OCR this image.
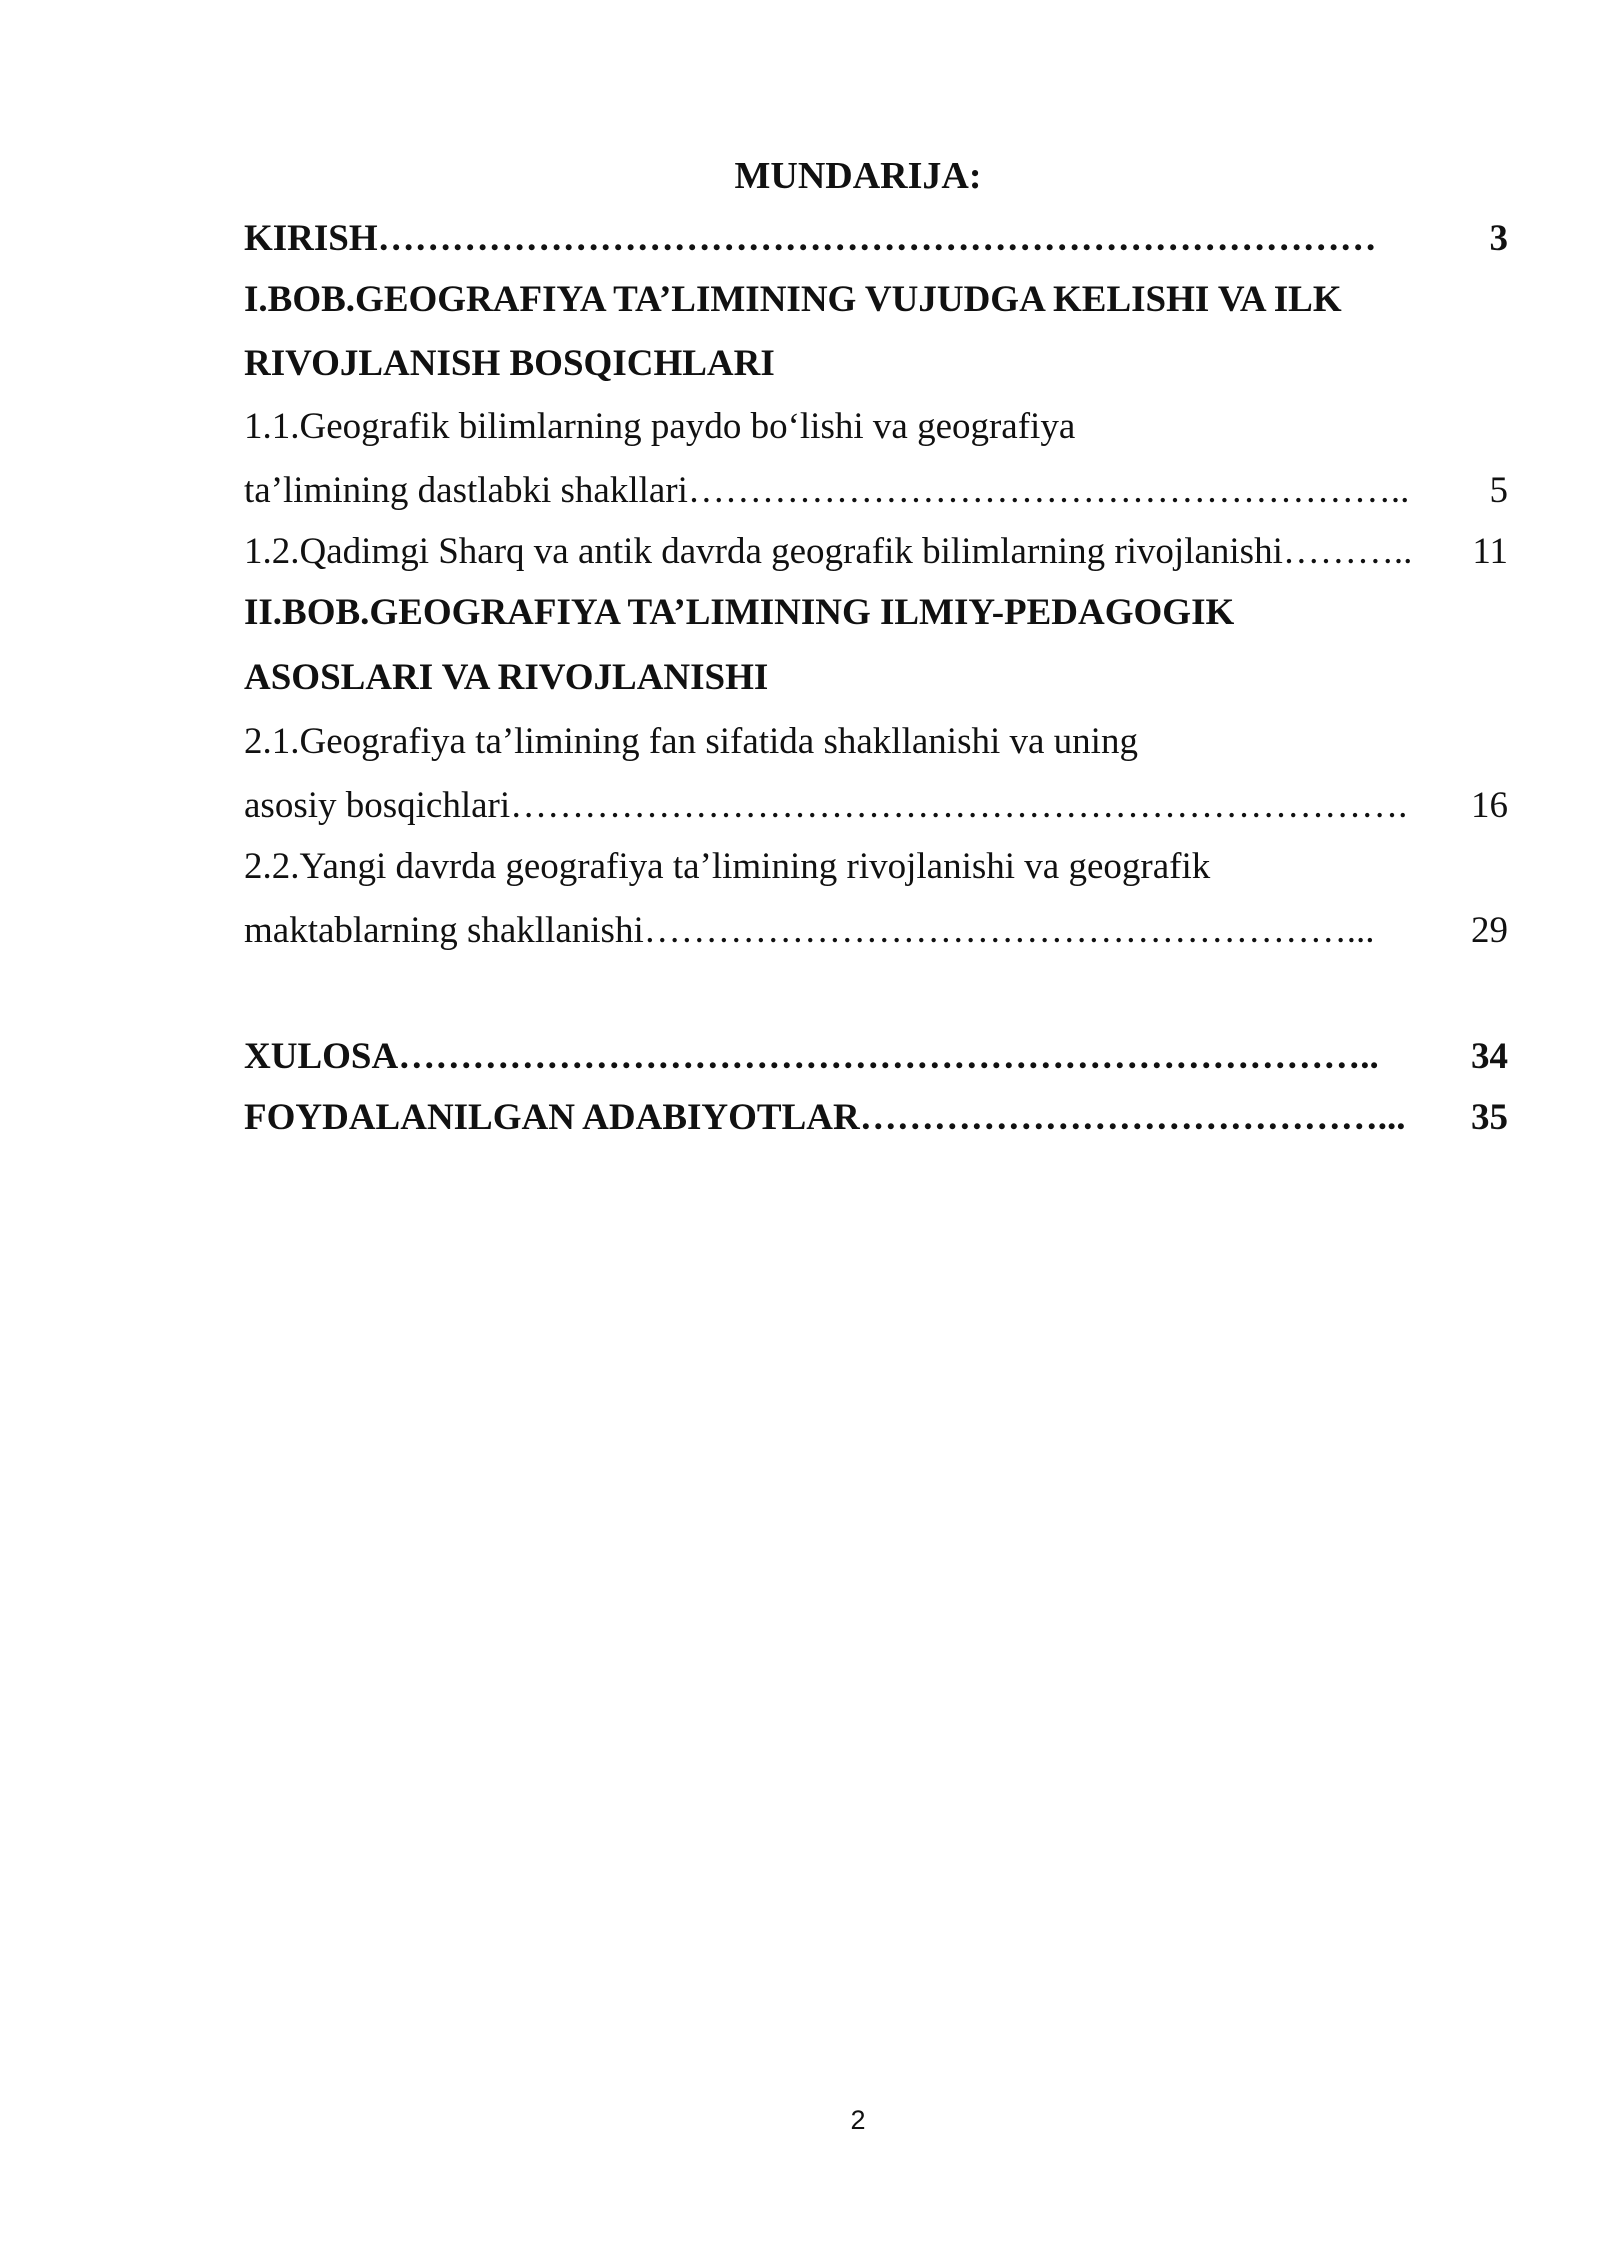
MUNDARIJA:
KIRISH………………………………………………………………………	3
I.BOB.GEOGRAFIYA TA’LIMINING VUJUDGA KELISHI VA ILK
RIVOJLANISH BOSQICHLARI
1.1.Geografik bilimlarning paydo bo‘lishi va geografiya
ta’limining dastlabki shakllari………………………………………………….. 5
1.2.Qadimgi Sharq va antik davrda geografik bilimlarning rivojlanishi……….. 11
II.BOB.GEOGRAFIYA TA’LIMINING ILMIY-PEDAGOGIK
ASOSLARI VA RIVOJLANISHI
2.1.Geografiya ta’limining fan sifatida shakllanishi va uning
asosiy bosqichlari………………………………………………………………. 16
2.2.Yangi davrda geografiya ta’limining rivojlanishi va geografik
maktablarning shakllanishi…………………………………………………...	29
XULOSA…………………………………………………………………….. 34
FOYDALANILGAN ADABIYOTLAR……………………………………... 35
2
